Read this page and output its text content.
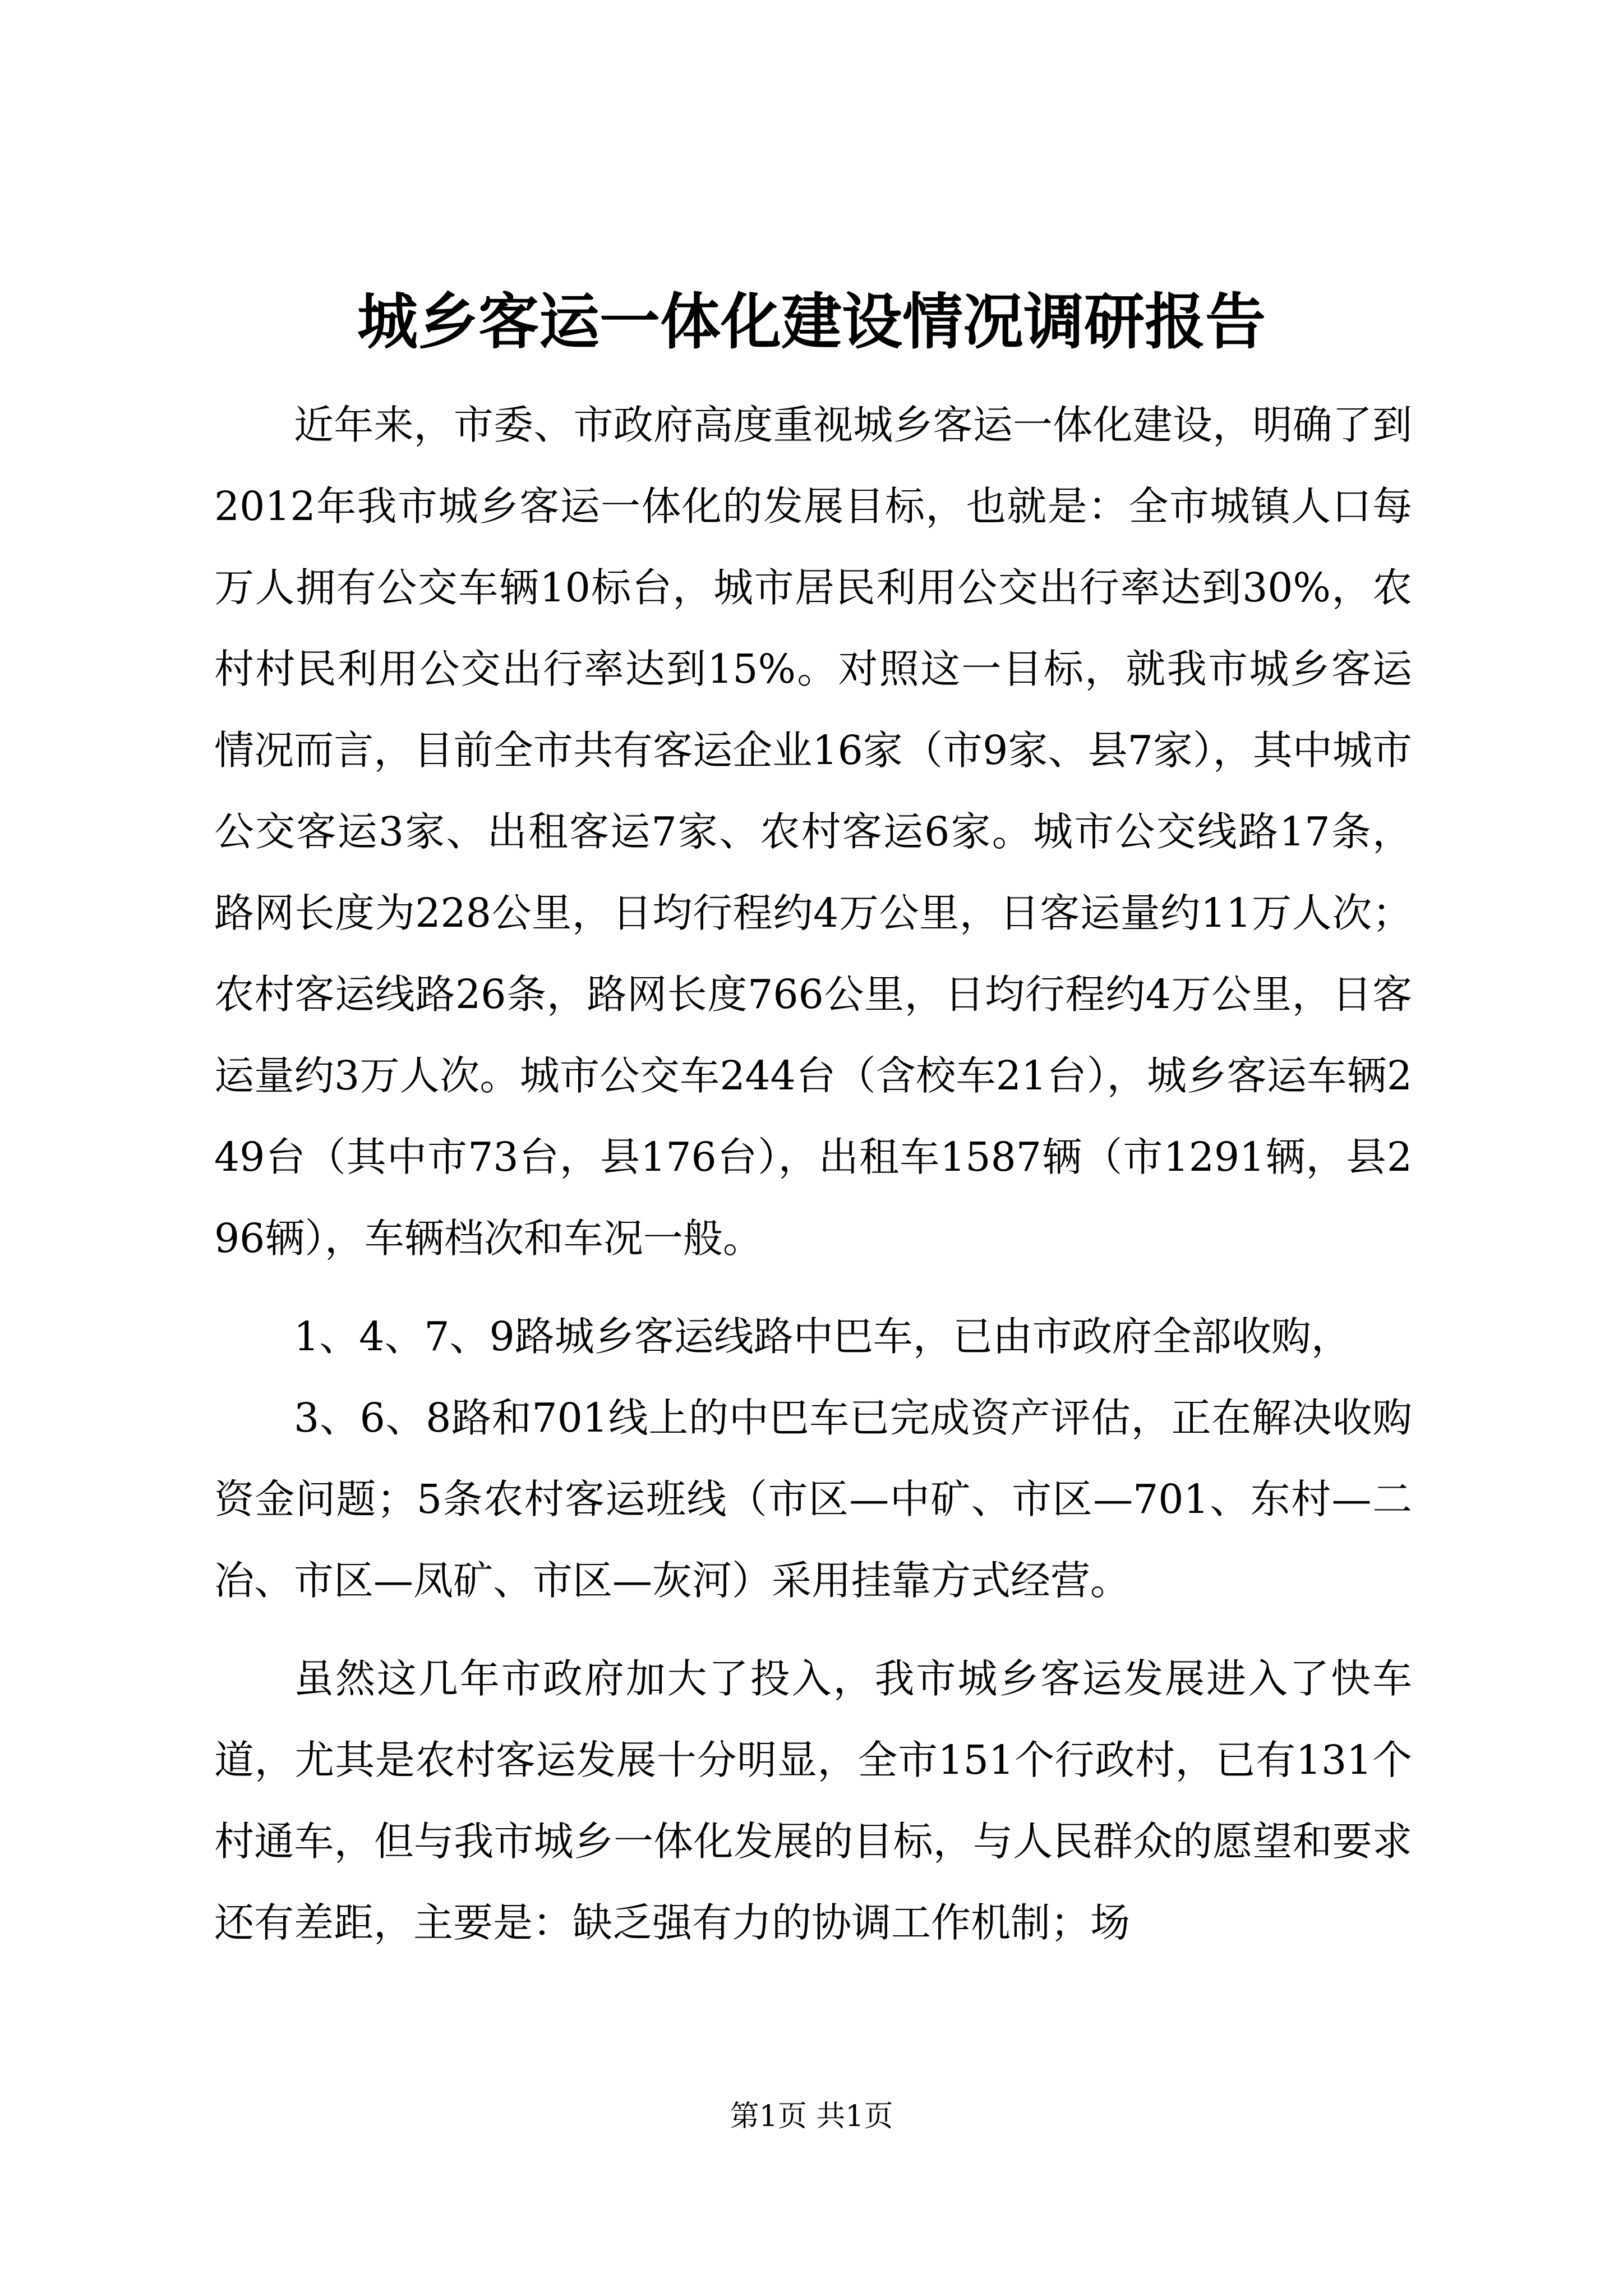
城乡客运一体化建设情况调研报告

近年来，市委、市政府高度重视城乡客运一体化建设，明确了到2012年我市城乡客运一体化的发展目标，也就是：全市城镇人口每万人拥有公交车辆10标台，城市居民利用公交出行率达到30%，农村村民利用公交出行率达到15%。对照这一目标，就我市城乡客运情况而言，目前全市共有客运企业16家（市9家、县7家），其中城市公交客运3家、出租客运7家、农村客运6家。城市公交线路17条，路网长度为228公里，日均行程约4万公里，日客运量约11万人次；农村客运线路26条，路网长度766公里，日均行程约4万公里，日客运量约3万人次。城市公交车244台（含校车21台），城乡客运车辆249台（其中市73台，县176台），出租车1587辆（市1291辆，县296辆），车辆档次和车况一般。

1、4、7、9路城乡客运线路中巴车，已由市政府全部收购，

3、6、8路和701线上的中巴车已完成资产评估，正在解决收购资金问题；5条农村客运班线（市区—中矿、市区—701、东村—二冶、市区—凤矿、市区—灰河）采用挂靠方式经营。

虽然这几年市政府加大了投入，我市城乡客运发展进入了快车道，尤其是农村客运发展十分明显，全市151个行政村，已有131个村通车，但与我市城乡一体化发展的目标，与人民群众的愿望和要求还有差距，主要是：缺乏强有力的协调工作机制；场

第1页 共1页
